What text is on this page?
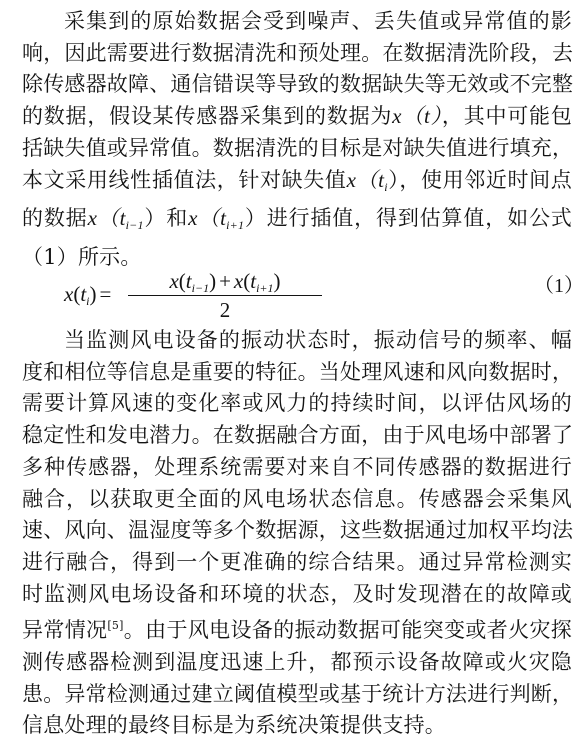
采集到的原始数据会受到噪声、丢失值或异常值的影
响，因此需要进行数据清洗和预处理。在数据清洗阶段，去
除传感器故障、通信错误等导致的数据缺失等无效或不完整
的数据，假设某传感器采集到的数据为x（t），其中可能包
括缺失值或异常值。数据清洗的目标是对缺失值进行填充，
本文采用线性插值法，针对缺失值$x(t_i)$，使用邻近时间点
的数据$x(t_{i-1})$和$x(t_{i+1})$进行插值，得到估算值，如公式
（1）所示。
$x(t_i)$ =
$x(t_{i-1}) + x(t_{i+1})$
2
（1）
当监测风电设备的振动状态时，振动信号的频率、幅
度和相位等信息是重要的特征。当处理风速和风向数据时，
需要计算风速的变化率或风力的持续时间，以评估风场的
稳定性和发电潜力。在数据融合方面，由于风电场中部署了
多种传感器，处理系统需要对来自不同传感器的数据进行
融合，以获取更全面的风电场状态信息。传感器会采集风
速、风向、温湿度等多个数据源，这些数据通过加权平均法
进行融合，得到一个更准确的综合结果。通过异常检测实
时监测风电场设备和环境的状态，及时发现潜在的故障或
异常情况[5]。由于风电设备的振动数据可能突变或者火灾探
测传感器检测到温度迅速上升，都预示设备故障或火灾隐
患。异常检测通过建立阈值模型或基于统计方法进行判断，
信息处理的最终目标是为系统决策提供支持。
